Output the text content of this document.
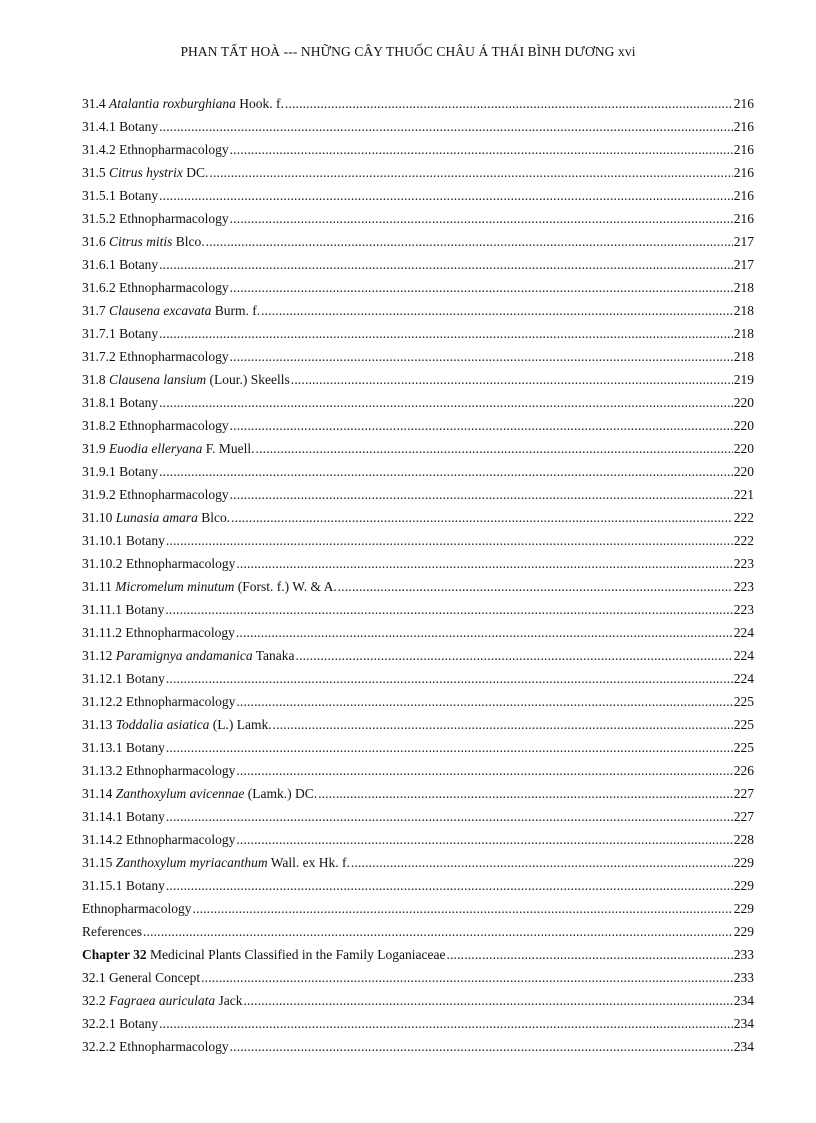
PHAN TẤT HOÀ --- NHỮNG CÂY THUỐC CHÂU Á THÁI BÌNH DƯƠNG xvi
31.4 Atalantia roxburghiana Hook. f. . . .	216
31.4.1 Botany . . .	216
31.4.2 Ethnopharmacology . . .	216
31.5 Citrus hystrix DC. . . .	216
31.5.1 Botany . . .	216
31.5.2 Ethnopharmacology . . .	216
31.6 Citrus mitis Blco. . . .	217
31.6.1 Botany . . .	217
31.6.2 Ethnopharmacology . . .	218
31.7 Clausena excavata Burm. f. . . .	218
31.7.1 Botany . . .	218
31.7.2 Ethnopharmacology . . .	218
31.8 Clausena lansium (Lour.) Skeells . . .	219
31.8.1 Botany . . .	220
31.8.2 Ethnopharmacology . . .	220
31.9 Euodia elleryana F. Muell. . . .	220
31.9.1 Botany . . .	220
31.9.2 Ethnopharmacology . . .	221
31.10 Lunasia amara Blco. . . .	222
31.10.1 Botany . . .	222
31.10.2 Ethnopharmacology . . .	223
31.11 Micromelum minutum (Forst. f.) W. & A. . . .	223
31.11.1 Botany . . .	223
31.11.2 Ethnopharmacology . . .	224
31.12 Paramignya andamanica Tanaka . . .	224
31.12.1 Botany . . .	224
31.12.2 Ethnopharmacology . . .	225
31.13 Toddalia asiatica (L.) Lamk. . . .	225
31.13.1 Botany . . .	225
31.13.2 Ethnopharmacology . . .	226
31.14 Zanthoxylum avicennae (Lamk.) DC. . . .	227
31.14.1 Botany . . .	227
31.14.2 Ethnopharmacology . . .	228
31.15 Zanthoxylum myriacanthum Wall. ex Hk. f. . . .	229
31.15.1 Botany . . .	229
Ethnopharmacology . . .	229
References . . .	229
Chapter 32 Medicinal Plants Classified in the Family Loganiaceae . . .	233
32.1 General Concept . . .	233
32.2 Fagraea auriculata Jack . . .	234
32.2.1 Botany . . .	234
32.2.2 Ethnopharmacology . . .	234
